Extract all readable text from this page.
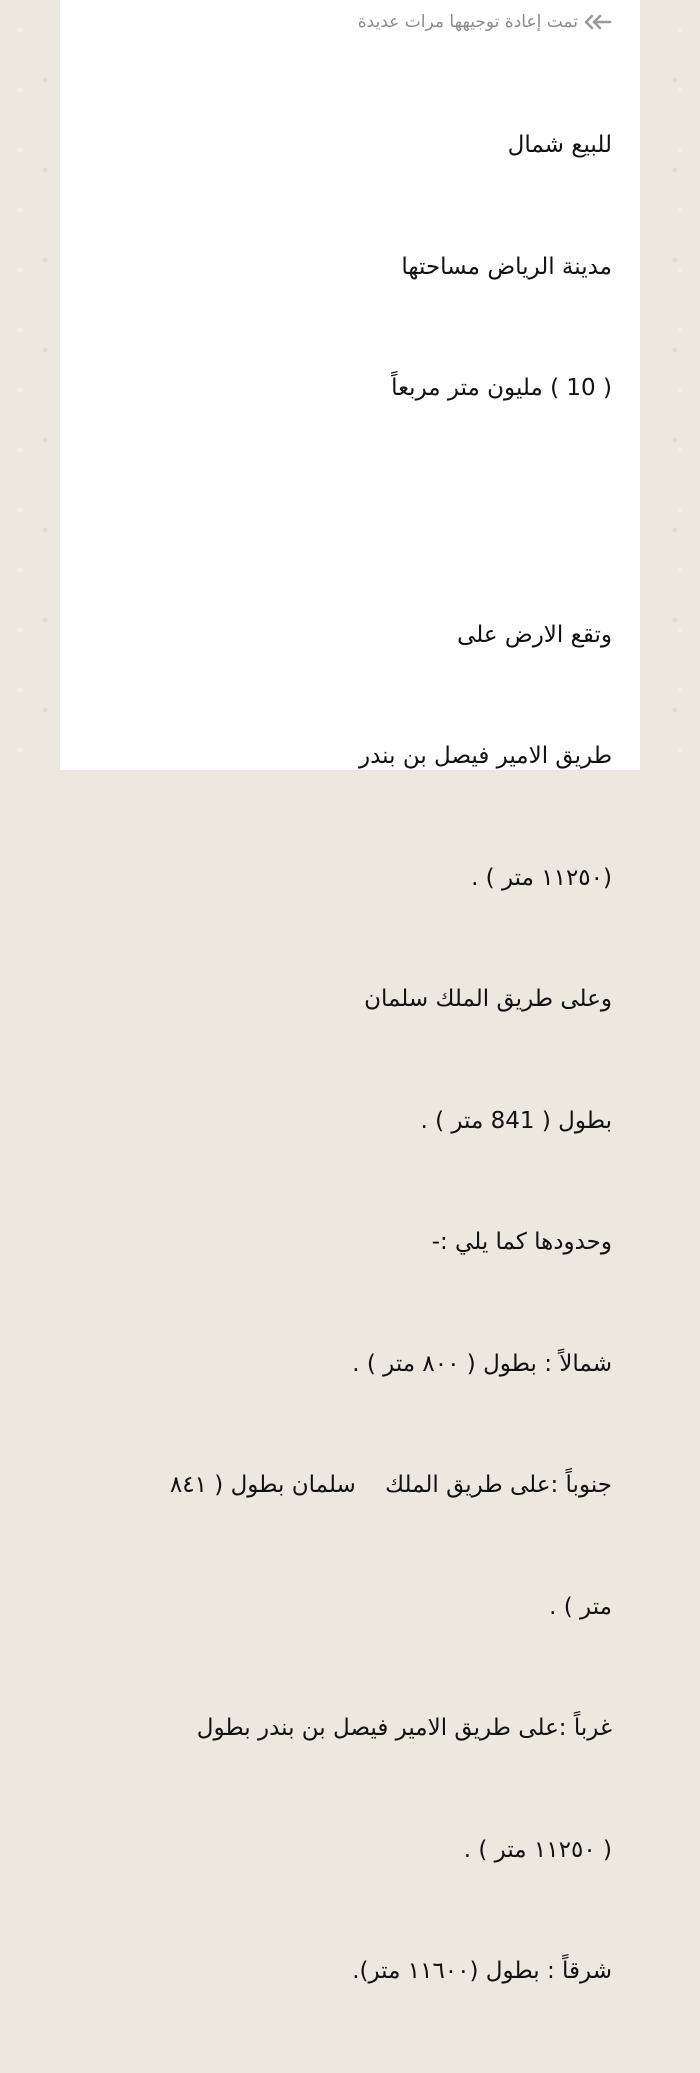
تمت إعادة توجيهها مرات عديدة

للبيع شمال

مدينة الرياض مساحتها

( 10 ) مليون متر مربعاً

وتقع الارض على

طريق الامير فيصل بن بندر

(١١٢٥٠ متر ) .

وعلى طريق الملك سلمان

بطول ( 841 متر ) .

وحدودها كما يلي :-

شمالاً : بطول ( ٨٠٠ متر ) .

جنوباً :على طريق الملك    سلمان بطول ( ٨٤١

متر ) .

غرباً :على طريق الامير فيصل بن بندر بطول

( ١١٢٥٠ متر ) .

شرقاً : بطول (١١٦٠٠ متر).
